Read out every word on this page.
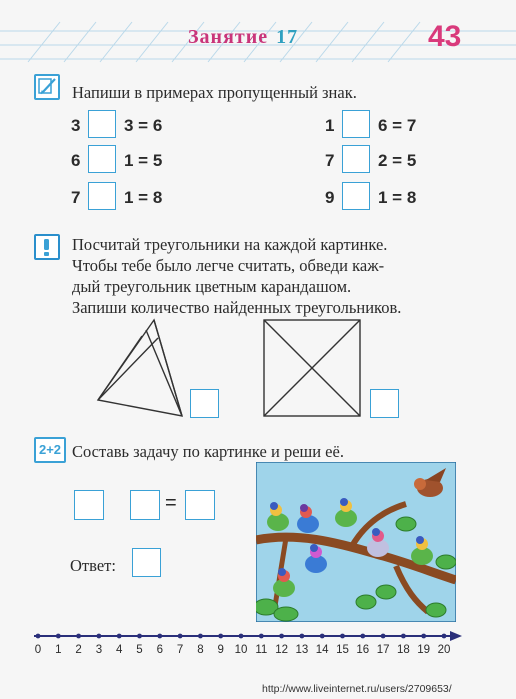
Занятие 17	43
Напиши в примерах пропущенный знак.
3	3 = 6
6	1 = 5
7	1 = 8
1	6 = 7
7	2 = 5
9	1 = 8
Посчитай треугольники на каждой картинке.
Чтобы тебе было легче считать, обведи каж-
дый треугольник цветным карандашом.
Запиши количество найденных треугольников.
2+2 Составь задачу по картинке и реши её.
=
Ответ:
0 1 2 3 4 5 6 7 8 9 10 11 12 13 14 15 16 17 18 19 20
http://www.liveinternet.ru/users/2709653/
